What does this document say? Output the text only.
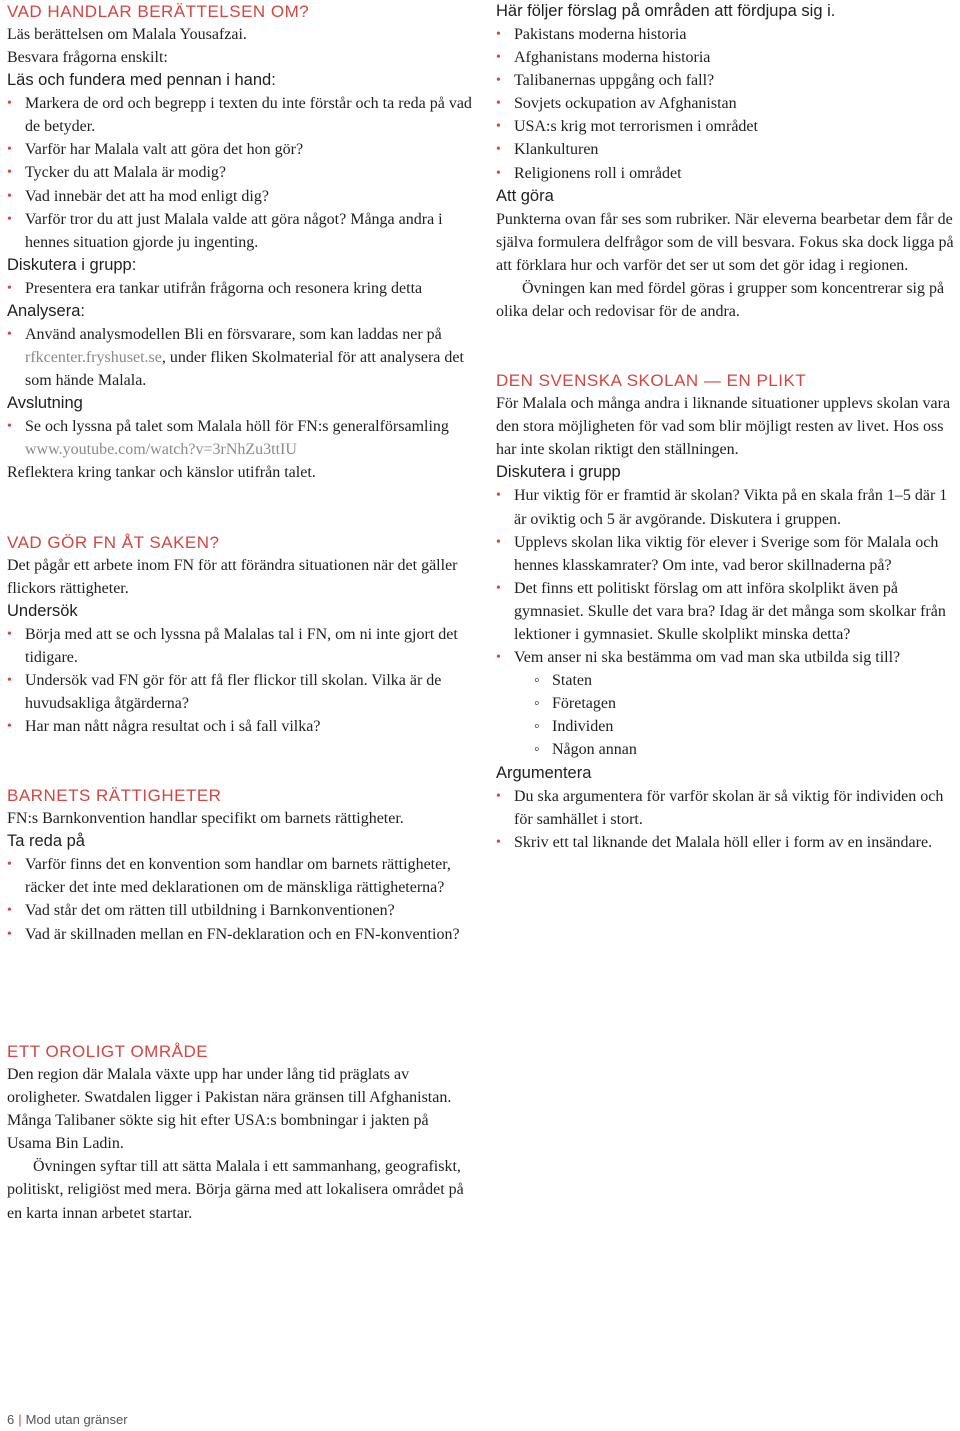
VAD HANDLAR BERÄTTELSEN OM?

Läs berättelsen om Malala Yousafzai.

Besvara frågorna enskilt:

Läs och fundera med pennan i hand:
• Markera de ord och begrepp i texten du inte förstår och ta reda på vad de betyder.
• Varför har Malala valt att göra det hon gör?
• Tycker du att Malala är modig?
• Vad innebär det att ha mod enligt dig?
• Varför tror du att just Malala valde att göra något? Många andra i hennes situation gjorde ju ingenting.
Diskutera i grupp:
• Presentera era tankar utifrån frågorna och resonera kring detta
Analysera:
• Använd analysmodellen Bli en försvarare, som kan laddas ner på rfkcenter.fryshuset.se, under fliken Skolmaterial för att analysera det som hände Malala.
Avslutning
• Se och lyssna på talet som Malala höll för FN:s generalförsamling www.youtube.com/watch?v=3rNhZu3ttIU

Reflektera kring tankar och känslor utifrån talet.

VAD GÖR FN ÅT SAKEN?

Det pågår ett arbete inom FN för att förändra situationen när det gäller flickors rättigheter.

Undersök
• Börja med att se och lyssna på Malalas tal i FN, om ni inte gjort det tidigare.
• Undersök vad FN gör för att få fler flickor till skolan. Vilka är de huvudsakliga åtgärderna?
• Har man nått några resultat och i så fall vilka?
BARNETS RÄTTIGHETER

FN:s Barnkonvention handlar specifikt om barnets rättigheter.

Ta reda på
• Varför finns det en konvention som handlar om barnets rättigheter, räcker det inte med deklarationen om de mänskliga rättigheterna?
• Vad står det om rätten till utbildning i Barnkonventionen?
• Vad är skillnaden mellan en FN-deklaration och en FN-konvention?
Här följer förslag på områden att fördjupa sig i.
• Pakistans moderna historia
• Afghanistans moderna historia
• Talibanernas uppgång och fall?
• Sovjets ockupation av Afghanistan
• USA:s krig mot terrorismen i området
• Klankulturen
• Religionens roll i området
Att göra

Punkterna ovan får ses som rubriker. När eleverna bearbetar dem får de själva formulera delfrågor som de vill besvara. Fokus ska dock ligga på att förklara hur och varför det ser ut som det gör idag i regionen.

Övningen kan med fördel göras i grupper som koncentrerar sig på olika delar och redovisar för de andra.

DEN SVENSKA SKOLAN — EN PLIKT

För Malala och många andra i liknande situationer upplevs skolan vara den stora möjligheten för vad som blir möjligt resten av livet. Hos oss har inte skolan riktigt den ställningen.

Diskutera i grupp
• Hur viktig för er framtid är skolan? Vikta på en skala från 1–5 där 1 är oviktig och 5 är avgörande. Diskutera i gruppen.
• Upplevs skolan lika viktig för elever i Sverige som för Malala och hennes klasskamrater? Om inte, vad beror skillnaderna på?
• Det finns ett politiskt förslag om att införa skolplikt även på gymnasiet. Skulle det vara bra? Idag är det många som skolkar från lektioner i gymnasiet. Skulle skolplikt minska detta?
• Vem anser ni ska bestämma om vad man ska utbilda sig till?
◦ Staten
◦ Företagen
◦ Individen
◦ Någon annan
Argumentera
• Du ska argumentera för varför skolan är så viktig för individen och för samhället i stort.
• Skriv ett tal liknande det Malala höll eller i form av en insändare.
ETT OROLIGT OMRÅDE

Den region där Malala växte upp har under lång tid präglats av oroligheter. Swatdalen ligger i Pakistan nära gränsen till Afghanistan. Många Talibaner sökte sig hit efter USA:s bombningar i jakten på Usama Bin Ladin.

Övningen syftar till att sätta Malala i ett sammanhang, geografiskt, politiskt, religiöst med mera. Börja gärna med att lokalisera området på en karta innan arbetet startar.

6 | Mod utan gränser
